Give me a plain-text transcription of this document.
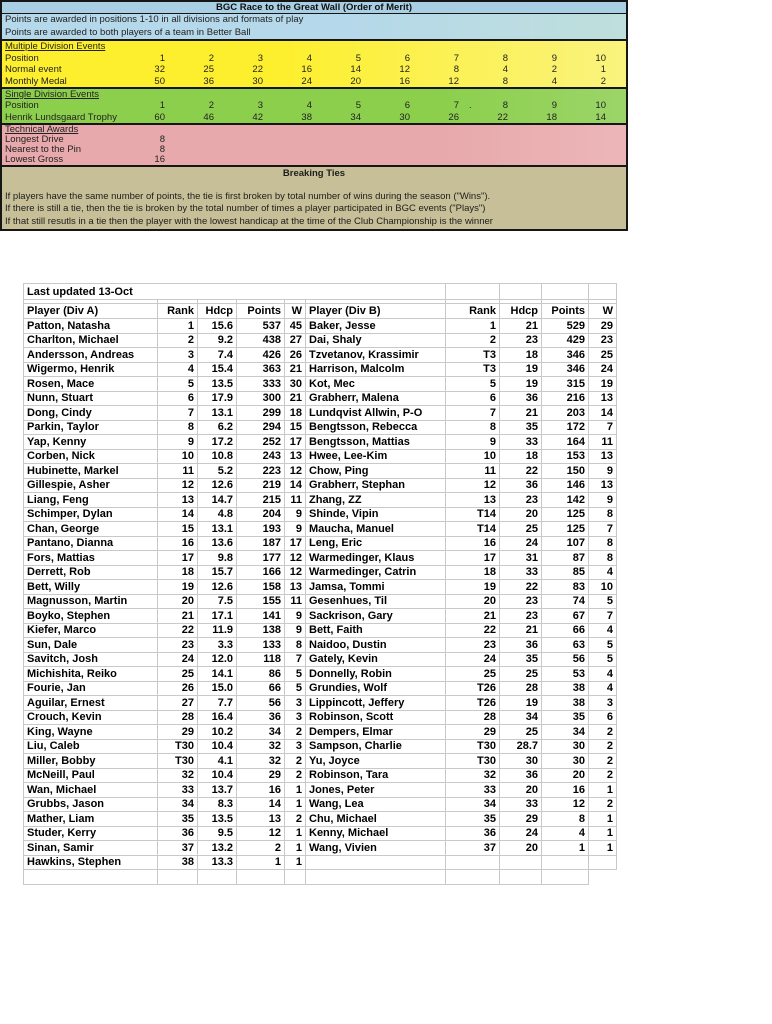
BGC Race to the Great Wall (Order of Merit)
Points are awarded in positions 1-10 in all divisions and formats of play
Points are awarded to both players of a team in Better Ball
Multiple Division Events
Position	1	2	3	4	5	6	7	8	9	10
Normal event	32	25	22	16	14	12	8	4	2	1
Monthly Medal	50	36	30	24	20	16	12	8	4	2
Single Division Events
Position	1	2	3	4	5	6	7	8	9	10
.
Henrik Lundsgaard Trophy	60	46	42	38	34	30	26	22	18	14
Technical Awards
Longest Drive	8
Nearest to the Pin	8
Lowest Gross	16
Breaking Ties
If players have the same number of points, the tie is first broken by total number of wins during the season ("Wins").
If there is still a tie, then the tie is broken by the total number of times a player participated in BGC events ("Plays")
If that still resutls in a tie then the player with the lowest handicap at the time of the Club Championship is the winner
Last updated 13-Oct									

Player (Div A)	Rank	Hdcp	Points	W	Player (Div B)	Rank	Hdcp	Points	W
Patton, Natasha	1	15.6	537	45	Baker, Jesse	1	21	529	29
Charlton, Michael	2	9.2	438	27	Dai, Shaly	2	23	429	23
Andersson, Andreas	3	7.4	426	26	Tzvetanov, Krassimir	T3	18	346	25
Wigermo, Henrik	4	15.4	363	21	Harrison, Malcolm	T3	19	346	24
Rosen, Mace	5	13.5	333	30	Kot, Mec	5	19	315	19
Nunn, Stuart	6	17.9	300	21	Grabherr, Malena	6	36	216	13
Dong, Cindy	7	13.1	299	18	Lundqvist Allwin, P-O	7	21	203	14
Parkin, Taylor	8	6.2	294	15	Bengtsson, Rebecca	8	35	172	7
Yap, Kenny	9	17.2	252	17	Bengtsson, Mattias	9	33	164	11
Corben, Nick	10	10.8	243	13	Hwee, Lee-Kim	10	18	153	13
Hubinette, Markel	11	5.2	223	12	Chow, Ping	11	22	150	9
Gillespie, Asher	12	12.6	219	14	Grabherr, Stephan	12	36	146	13
Liang, Feng	13	14.7	215	11	Zhang, ZZ	13	23	142	9
Schimper, Dylan	14	4.8	204	9	Shinde, Vipin	T14	20	125	8
Chan, George	15	13.1	193	9	Maucha, Manuel	T14	25	125	7
Pantano, Dianna	16	13.6	187	17	Leng, Eric	16	24	107	8
Fors, Mattias	17	9.8	177	12	Warmedinger, Klaus	17	31	87	8
Derrett, Rob	18	15.7	166	12	Warmedinger, Catrin	18	33	85	4
Bett, Willy	19	12.6	158	13	Jamsa, Tommi	19	22	83	10
Magnusson, Martin	20	7.5	155	11	Gesenhues, Til	20	23	74	5
Boyko, Stephen	21	17.1	141	9	Sackrison, Gary	21	23	67	7
Kiefer, Marco	22	11.9	138	9	Bett, Faith	22	21	66	4
Sun, Dale	23	3.3	133	8	Naidoo, Dustin	23	36	63	5
Savitch, Josh	24	12.0	118	7	Gately, Kevin	24	35	56	5
Michishita, Reiko	25	14.1	86	5	Donnelly, Robin	25	25	53	4
Fourie, Jan	26	15.0	66	5	Grundies, Wolf	T26	28	38	4
Aguilar, Ernest	27	7.7	56	3	Lippincott, Jeffery	T26	19	38	3
Crouch, Kevin	28	16.4	36	3	Robinson, Scott	28	34	35	6
King, Wayne	29	10.2	34	2	Dempers, Elmar	29	25	34	2
Liu, Caleb	T30	10.4	32	3	Sampson, Charlie	T30	28.7	30	2
Miller, Bobby	T30	4.1	32	2	Yu, Joyce	T30	30	30	2
McNeill, Paul	32	10.4	29	2	Robinson, Tara	32	36	20	2
Wan, Michael	33	13.7	16	1	Jones, Peter	33	20	16	1
Grubbs, Jason	34	8.3	14	1	Wang, Lea	34	33	12	2
Mather, Liam	35	13.5	13	2	Chu, Michael	35	29	8	1
Studer, Kerry	36	9.5	12	1	Kenny, Michael	36	24	4	1
Sinan, Samir	37	13.2	2	1	Wang, Vivien	37	20	1	1
Hawkins, Stephen	38	13.3	1	1					
